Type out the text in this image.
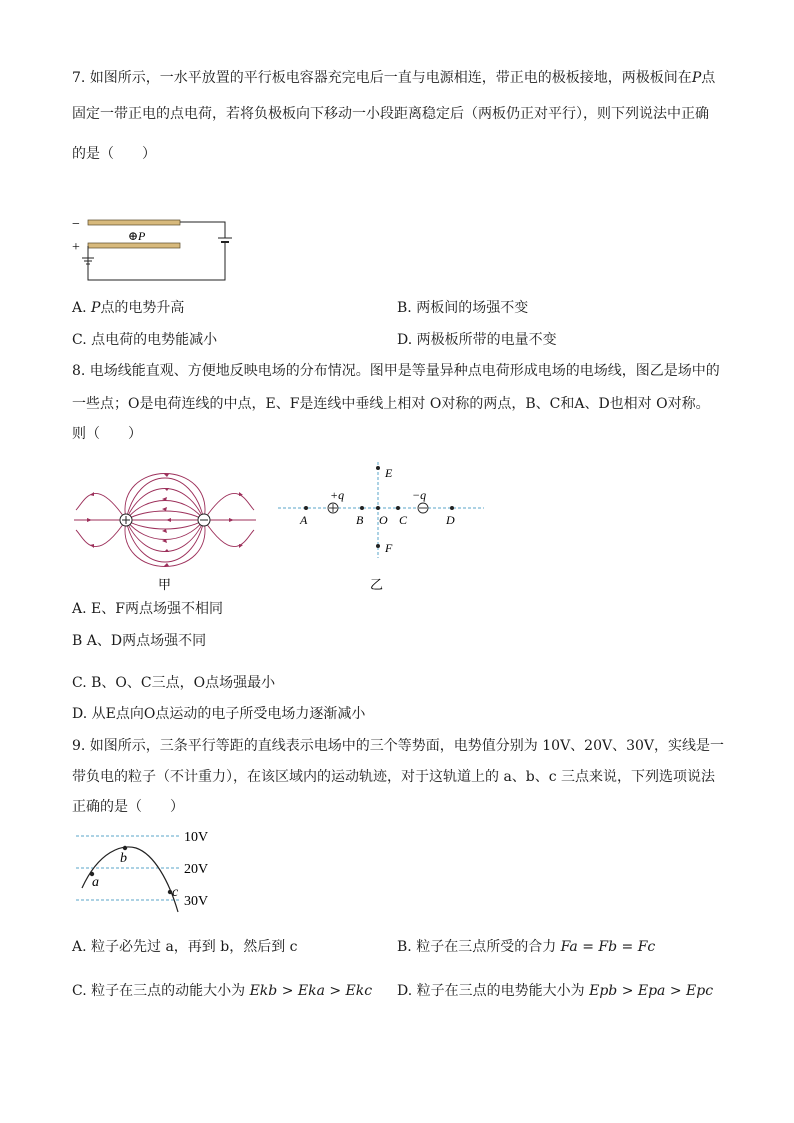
7. 如图所示，一水平放置的平行板电容器充完电后一直与电源相连，带正电的极板接地，两极板间在P点
固定一带正电的点电荷，若将负极板向下移动一小段距离稳定后（两板仍正对平行），则下列说法中正确
的是（　　）
−
+
⊕P
A. P点的电势升高	B. 两板间的场强不变
C. 点电荷的电势能减小	D. 两极板所带的电量不变
8. 电场线能直观、方便地反映电场的分布情况。图甲是等量异种点电荷形成电场的电场线，图乙是场中的
一些点；O是电荷连线的中点，E、F是连线中垂线上相对 O对称的两点，B、C和A、D也相对 O对称。
则（　　）
甲
A	B O C	D
E
F
+q	−q
乙
A. E、F两点场强不相同
B A、D两点场强不同
C. B、O、C三点，O点场强最小
D. 从E点向O点运动的电子所受电场力逐渐减小
9. 如图所示，三条平行等距的直线表示电场中的三个等势面，电势值分别为 10V、20V、30V，实线是一
带负电的粒子（不计重力），在该区域内的运动轨迹，对于这轨道上的 a、b、c 三点来说，下列选项说法
正确的是（　　）
a
b
c
10V
20V
30V
A. 粒子必先过 a，再到 b，然后到 c	B. 粒子在三点所受的合力 Fa = Fb = Fc
C. 粒子在三点的动能大小为 Ekb > Eka > Ekc D. 粒子在三点的电势能大小为 Epb > Epa > Epc
